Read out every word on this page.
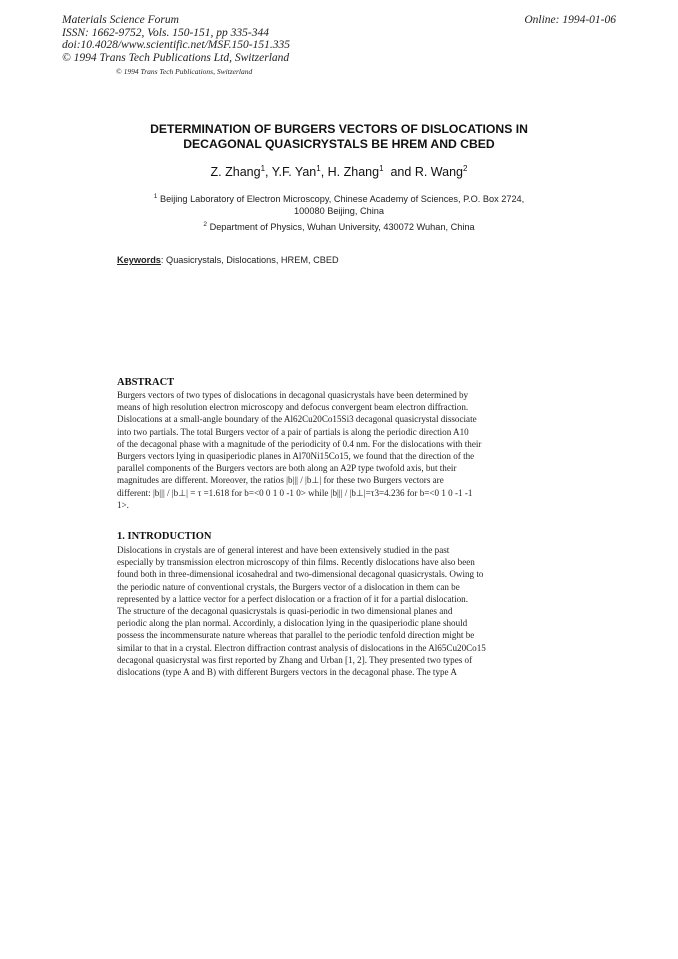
Materials Science Forum
ISSN: 1662-9752, Vols. 150-151, pp 335-344
doi:10.4028/www.scientific.net/MSF.150-151.335
© 1994 Trans Tech Publications Ltd, Switzerland
© 1994 Trans Tech Publications, Switzerland
Online: 1994-01-06
DETERMINATION OF BURGERS VECTORS OF DISLOCATIONS IN
DECAGONAL QUASICRYSTALS BE HREM AND CBED
Z. Zhang$^1$, Y.F. Yan$^1$, H. Zhang$^1$ and R. Wang$^2$
$^1$ Beijing Laboratory of Electron Microscopy, Chinese Academy of Sciences, P.O. Box 2724,
100080 Beijing, China
$^2$ Department of Physics, Wuhan University, 430072 Wuhan, China
Keywords: Quasicrystals, Dislocations, HREM, CBED
ABSTRACT
Burgers vectors of two types of dislocations in decagonal quasicrystals have been determined by
means of high resolution electron microscopy and defocus convergent beam electron diffraction.
Dislocations at a small-angle boundary of the Al62Cu20Co15Si3 decagonal quasicrystal dissociate
into two partials. The total Burgers vector of a pair of partials is along the periodic direction A10
of the decagonal phase with a magnitude of the periodicity of 0.4 nm. For the dislocations with their
Burgers vectors lying in quasiperiodic planes in Al70Ni15Co15, we found that the direction of the
parallel components of the Burgers vectors are both along an A2P type twofold axis, but their
magnitudes are different. Moreover, the ratios |b||| / |b⊥| for these two Burgers vectors are
different: |b||| / |b⊥| = τ =1.618 for b=<0 0 1 0 -1 0> while |b||| / |b⊥|=τ3=4.236 for b=<0 1 0 -1 -1
1>.
1. INTRODUCTION
Dislocations in crystals are of general interest and have been extensively studied in the past
especially by transmission electron microscopy of thin films. Recently dislocations have also been
found both in three-dimensional icosahedral and two-dimensional decagonal quasicrystals. Owing to
the periodic nature of conventional crystals, the Burgers vector of a dislocation in them can be
represented by a lattice vector for a perfect dislocation or a fraction of it for a partial dislocation.
The structure of the decagonal quasicrystals is quasi-periodic in two dimensional planes and
periodic along the plan normal. Accordinly, a dislocation lying in the quasiperiodic plane should
possess the incommensurate nature whereas that parallel to the periodic tenfold direction might be
similar to that in a crystal. Electron diffraction contrast analysis of dislocations in the Al65Cu20Co15
decagonal quasicrystal was first reported by Zhang and Urban [1, 2]. They presented two types of
dislocations (type A and B) with different Burgers vectors in the decagonal phase. The type A
